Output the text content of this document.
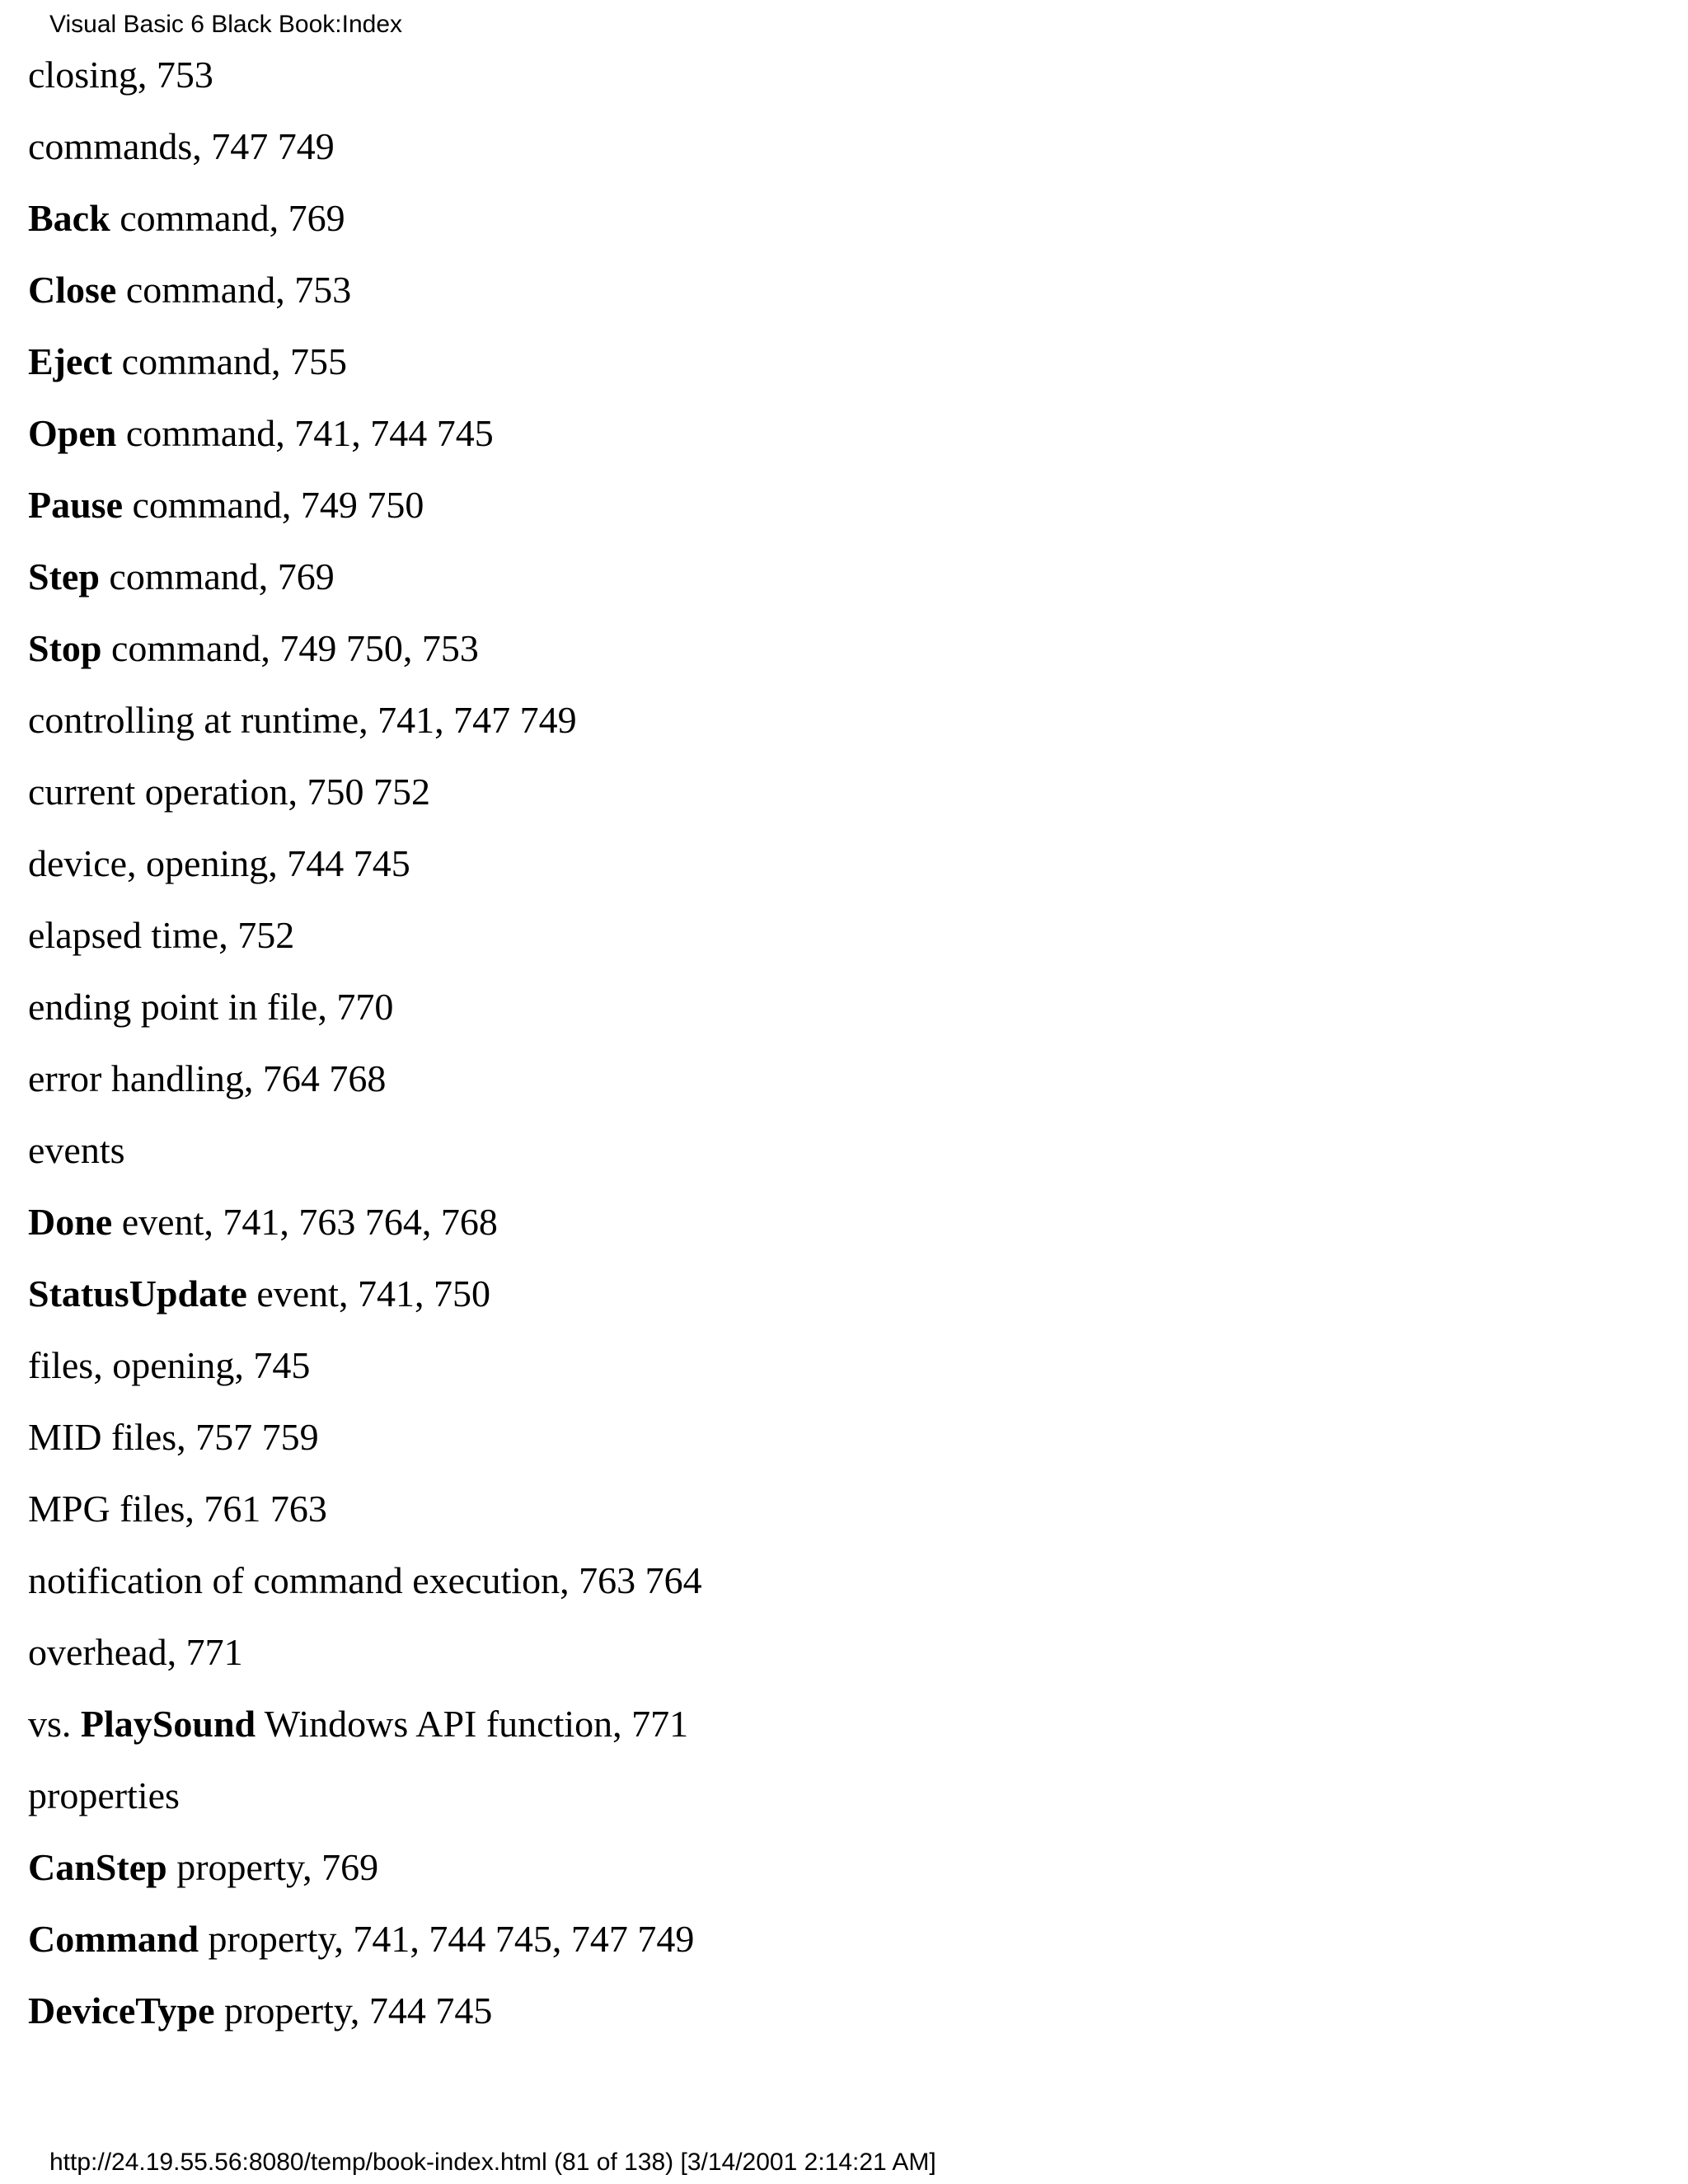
Visual Basic 6 Black Book:Index
closing, 753
commands, 747 749
Back command, 769
Close command, 753
Eject command, 755
Open command, 741, 744 745
Pause command, 749 750
Step command, 769
Stop command, 749 750, 753
controlling at runtime, 741, 747 749
current operation, 750 752
device, opening, 744 745
elapsed time, 752
ending point in file, 770
error handling, 764 768
events
Done event, 741, 763 764, 768
StatusUpdate event, 741, 750
files, opening, 745
MID files, 757 759
MPG files, 761 763
notification of command execution, 763 764
overhead, 771
vs. PlaySound Windows API function, 771
properties
CanStep property, 769
Command property, 741, 744 745, 747 749
DeviceType property, 744 745
http://24.19.55.56:8080/temp/book-index.html (81 of 138) [3/14/2001 2:14:21 AM]
